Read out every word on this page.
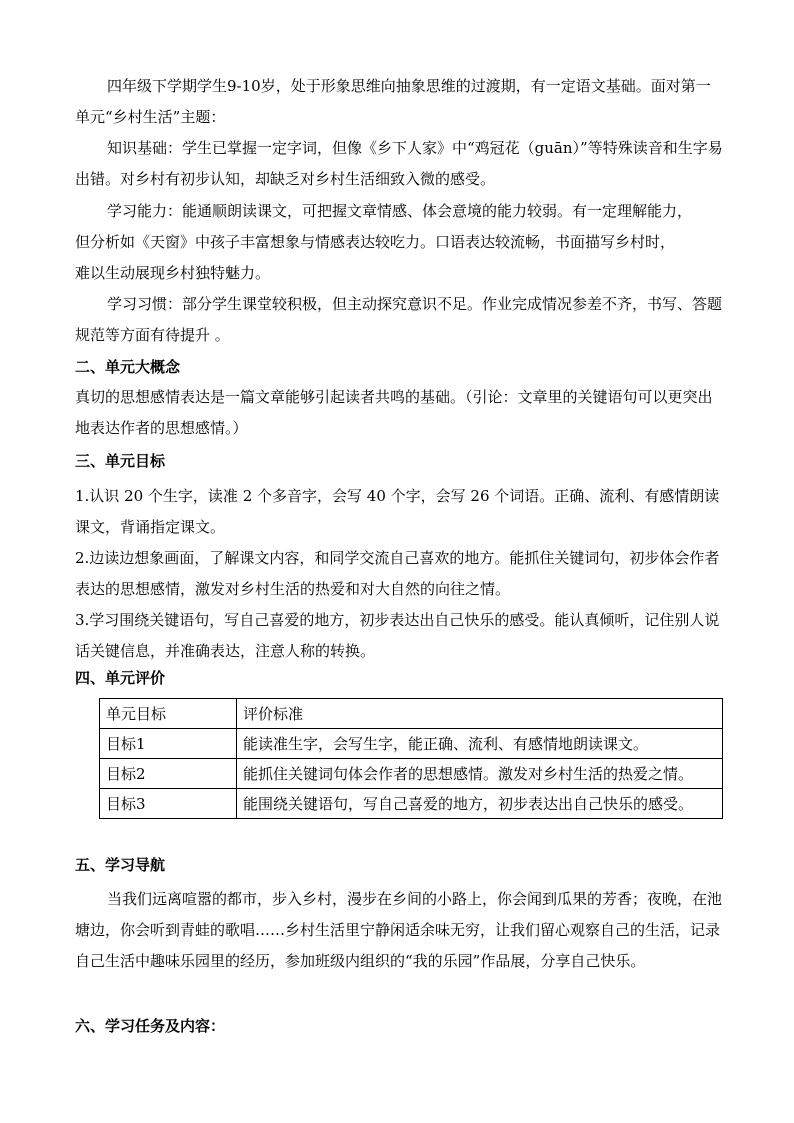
四年级下学期学生9-10岁，处于形象思维向抽象思维的过渡期，有一定语文基础。面对第一单元“乡村生活”主题：

知识基础：学生已掌握一定字词，但像《乡下人家》中“鸡冠花（guān）”等特殊读音和生字易出错。对乡村有初步认知，却缺乏对乡村生活细致入微的感受。

学习能力：能通顺朗读课文，可把握文章情感、体会意境的能力较弱。有一定理解能力，

但分析如《天窗》中孩子丰富想象与情感表达较吃力。口语表达较流畅，书面描写乡村时，

难以生动展现乡村独特魅力。

学习习惯：部分学生课堂较积极，但主动探究意识不足。作业完成情况参差不齐，书写、答题规范等方面有待提升 。

二、单元大概念

真切的思想感情表达是一篇文章能够引起读者共鸣的基础。（引论：文章里的关键语句可以更突出地表达作者的思想感情。）

三、单元目标

1.认识 20 个生字，读准 2 个多音字，会写 40 个字，会写 26 个词语。正确、流利、有感情朗读课文，背诵指定课文。

2.边读边想象画面，了解课文内容，和同学交流自己喜欢的地方。能抓住关键词句，初步体会作者表达的思想感情，激发对乡村生活的热爱和对大自然的向往之情。

3.学习围绕关键语句，写自己喜爱的地方，初步表达出自己快乐的感受。能认真倾听，记住别人说话关键信息，并准确表达，注意人称的转换。

四、单元评价
单元目标	评价标准
目标1	能读准生字，会写生字，能正确、流利、有感情地朗读课文。
目标2	能抓住关键词句体会作者的思想感情。激发对乡村生活的热爱之情。
目标3	能围绕关键语句，写自己喜爱的地方，初步表达出自己快乐的感受。
五、学习导航

当我们远离喧嚣的都市，步入乡村，漫步在乡间的小路上，你会闻到瓜果的芳香；夜晚，在池塘边，你会听到青蛙的歌唱……乡村生活里宁静闲适余味无穷，让我们留心观察自己的生活，记录自己生活中趣味乐园里的经历，参加班级内组织的“我的乐园”作品展，分享自己快乐。

六、学习任务及内容：
